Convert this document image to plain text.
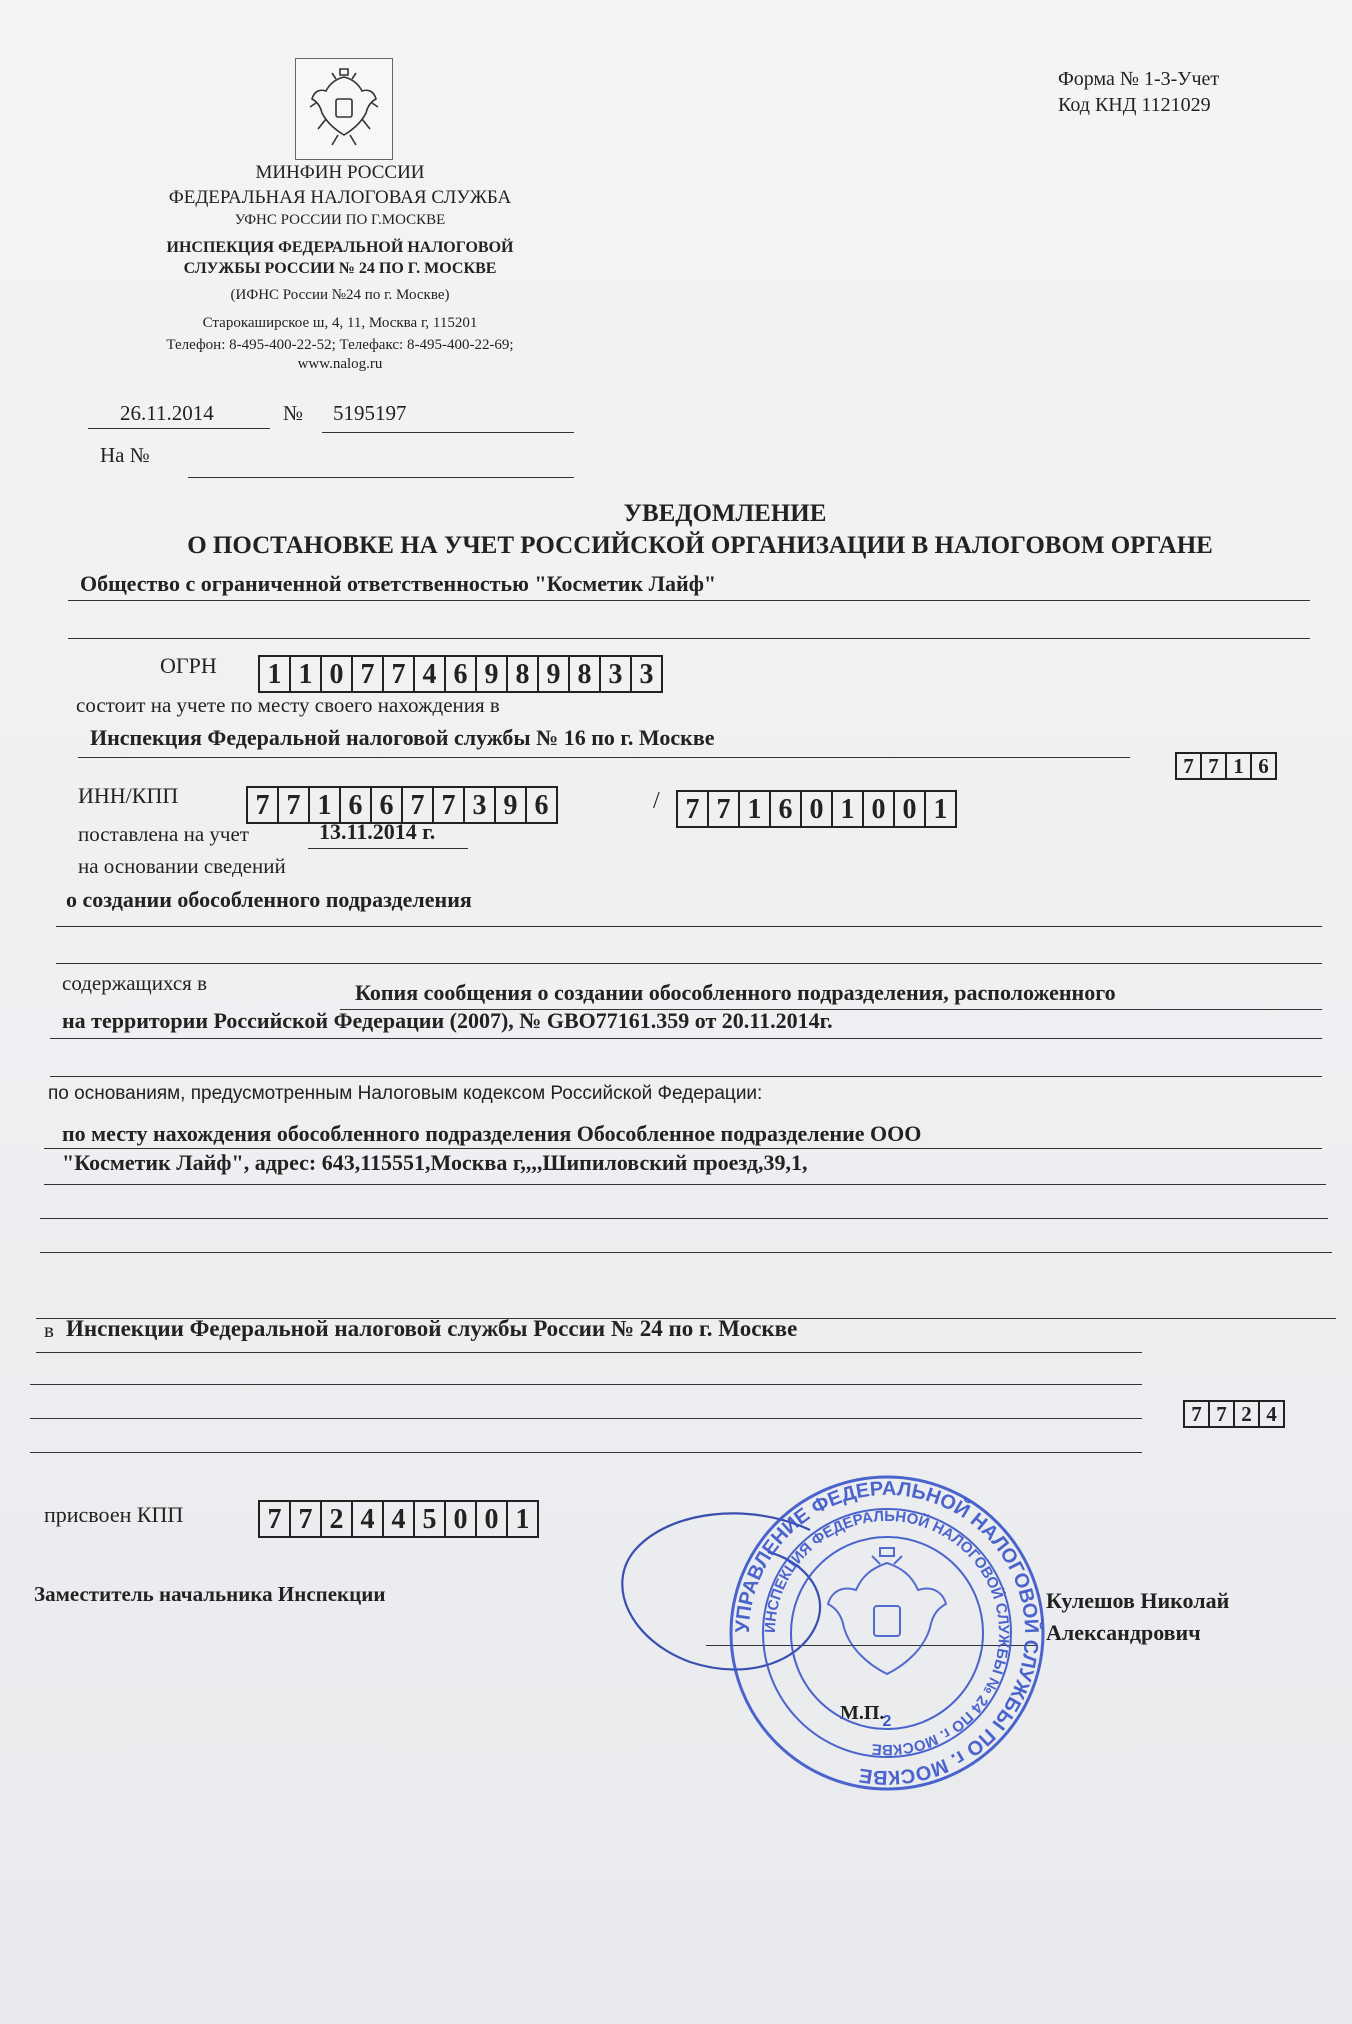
Форма № 1-3-Учет
Код КНД 1121029
МИНФИН РОССИИ
ФЕДЕРАЛЬНАЯ НАЛОГОВАЯ СЛУЖБА
УФНС РОССИИ ПО Г.МОСКВЕ
ИНСПЕКЦИЯ ФЕДЕРАЛЬНОЙ НАЛОГОВОЙ
СЛУЖБЫ РОССИИ № 24 ПО Г. МОСКВЕ
(ИФНС России №24 по г. Москве)
Старокаширское ш, 4, 11, Москва г, 115201
Телефон: 8-495-400-22-52; Телефакс: 8-495-400-22-69;
www.nalog.ru
26.11.2014	№ 5195197
На №
УВЕДОМЛЕНИЕ
О ПОСТАНОВКЕ НА УЧЕТ РОССИЙСКОЙ ОРГАНИЗАЦИИ В НАЛОГОВОМ ОРГАНЕ
Общество с ограниченной ответственностью "Косметик Лайф"
ОГРН 1 1 0 7 7 4 6 9 8 9 8 3 3
состоит на учете по месту своего нахождения в
Инспекция Федеральной налоговой службы № 16 по г. Москве
7 7 1 6
ИНН/КПП	7 7 1 6 6 7 7 3 9 6	/ 7 7 1 6 0 1 0 0 1
поставлена на учет	13.11.2014 г.
на основании сведений
о создании обособленного подразделения
содержащихся в	Копия сообщения о создании обособленного подразделения, расположенного
на территории Российской Федерации (2007), № GBO77161.359 от 20.11.2014г.
по основаниям, предусмотренным Налоговым кодексом Российской Федерации:
по месту нахождения обособленного подразделения Обособленное подразделение ООО
"Косметик Лайф", адрес: 643,115551,Москва г,,,,Шипиловский проезд,39,1,
в Инспекции Федеральной налоговой службы России № 24 по г. Москве
7 7 2 4
присвоен КПП	7 7 2 4 4 5 0 0 1
Заместитель начальника Инспекции	Кулешов Николай
Александрович
М.П.
УПРАВЛЕНИЕ ФЕДЕРАЛЬНОЙ НАЛОГОВОЙ СЛУЖБЫ ПО г. МОСКВЕ
ИНСПЕКЦИЯ ФЕДЕРАЛЬНОЙ НАЛОГОВОЙ СЛУЖБЫ № 24 ПО г. МОСКВЕ
2
